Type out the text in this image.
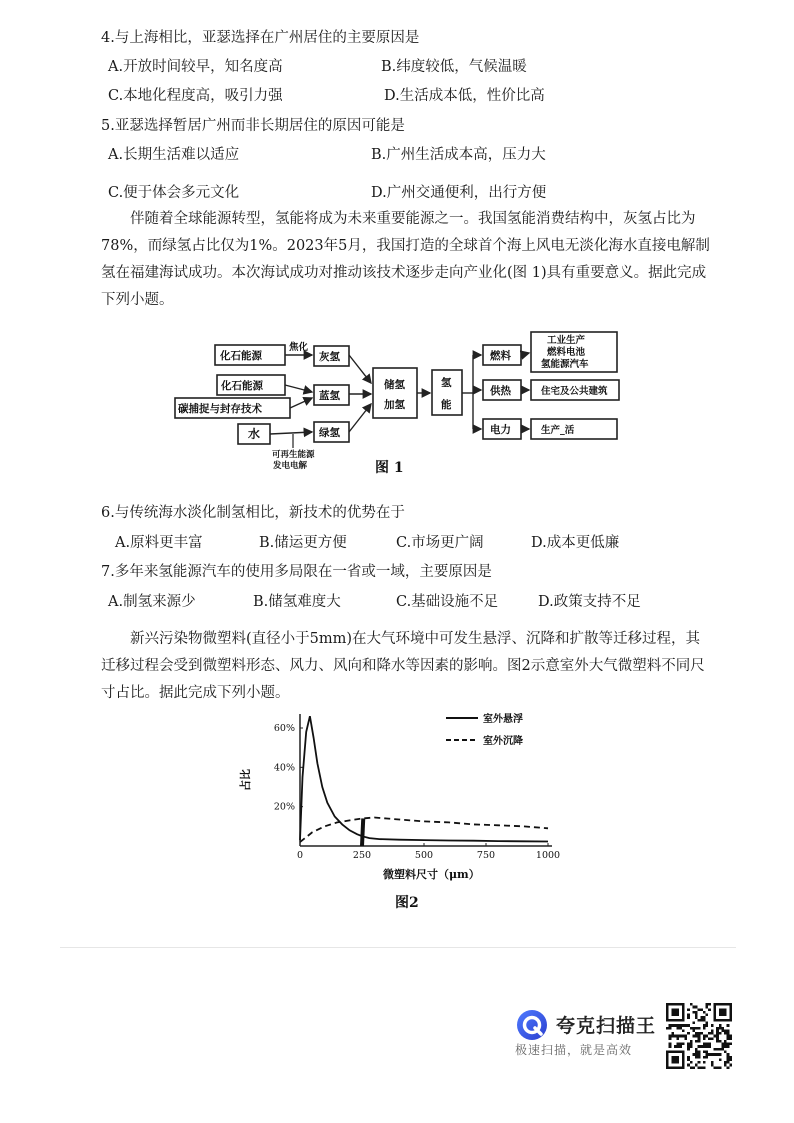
4.与上海相比，亚瑟选择在广州居住的主要原因是
A.开放时间较早，知名度高	B.纬度较低，气候温暖
C.本地化程度高，吸引力强	D.生活成本低，性价比高
5.亚瑟选择暂居广州而非长期居住的原因可能是
A.长期生活难以适应	B.广州生活成本高，压力大
C.便于体会多元文化	D.广州交通便利，出行方便
伴随着全球能源转型，氢能将成为未来重要能源之一。我国氢能消费结构中，灰氢占比为78%，而绿氢占比仅为1%。2023年5月，我国打造的全球首个海上风电无淡化海水直接电解制氢在福建海试成功。本次海试成功对推动该技术逐步走向产业化(图 1)具有重要意义。据此完成下列小题。
化石能源
化石能源
碳捕捉与封存技术
水
焦化
可再生能源
发电电解
灰氢
蓝氢
绿氢
储氢
加氢
氢
能
燃料
供热
电力
工业生产
燃料电池
氢能源汽车
住宅及公共建筑
生产_活
图 1
6.与传统海水淡化制氢相比，新技术的优势在于
A.原料更丰富	B.储运更方便	C.市场更广阔	D.成本更低廉
7.多年来氢能源汽车的使用多局限在一省或一域，主要原因是
A.制氢来源少	B.储氢难度大	C.基础设施不足	D.政策支持不足
新兴污染物微塑料(直径小于5mm)在大气环境中可发生悬浮、沉降和扩散等迁移过程，其迁移过程会受到微塑料形态、风力、风向和降水等因素的影响。图2示意室外大气微塑料不同尺寸占比。据此完成下列小题。
0	250	500	750	1000
20%
40%
60%
室外悬浮
室外沉降
微塑料尺寸（μm）
占比
图2
夸克扫描王
极速扫描，就是高效
